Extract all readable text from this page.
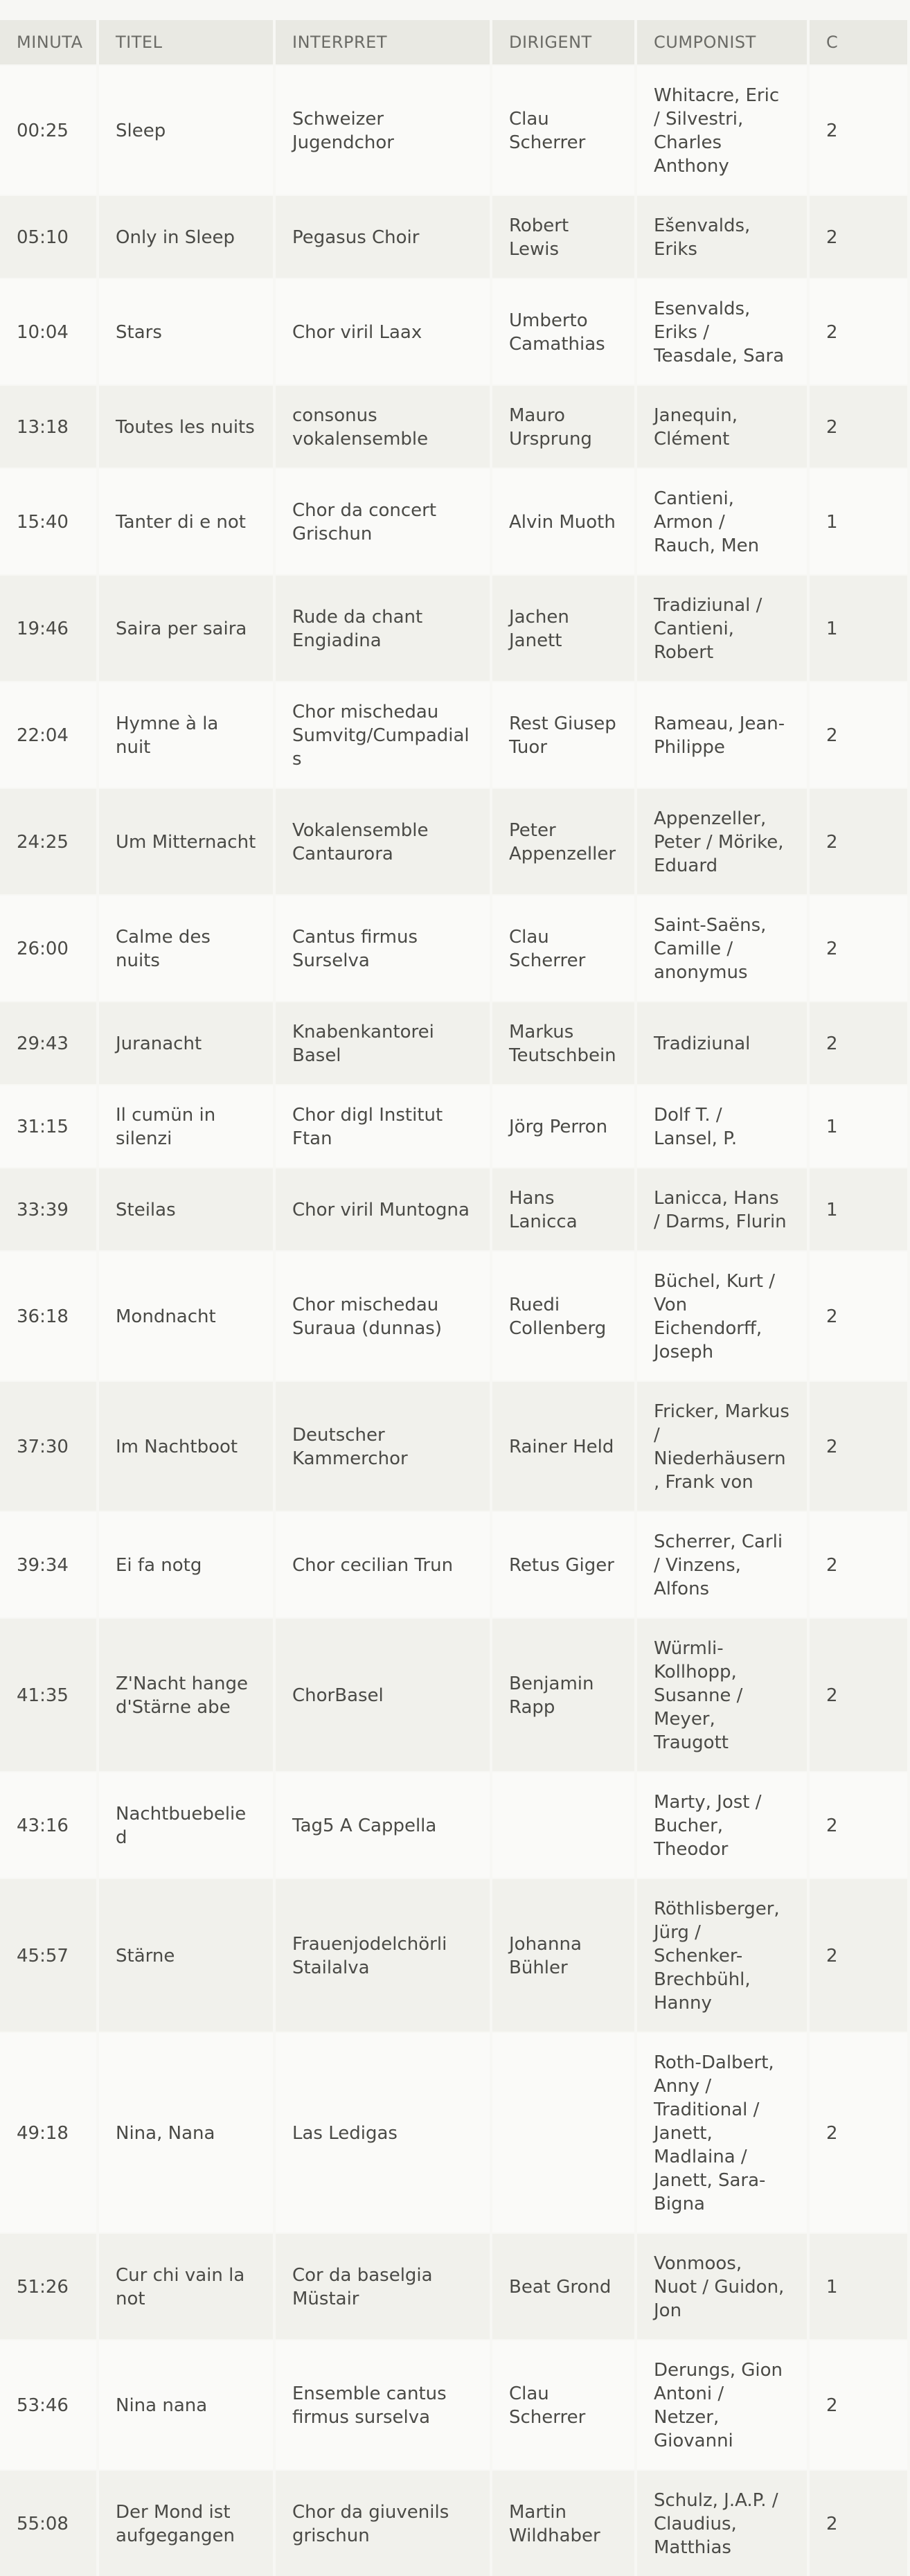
MINUTA	TITEL	INTERPRET	DIRIGENT	CUMPONIST	C
00:25	Sleep	Schweizer Jugendchor	Clau Scherrer	Whitacre, Eric / Silvestri, Charles Anthony	2
05:10	Only in Sleep	Pegasus Choir	Robert Lewis	Ešenvalds, Eriks	2
10:04	Stars	Chor viril Laax	Umberto Camathias	Esenvalds, Eriks / Teasdale, Sara	2
13:18	Toutes les nuits	consonus vokalensemble	Mauro Ursprung	Janequin, Clément	2
15:40	Tanter di e not	Chor da concert Grischun	Alvin Muoth	Cantieni, Armon / Rauch, Men	1
19:46	Saira per saira	Rude da chant Engiadina	Jachen Janett	Tradiziunal / Cantieni, Robert	1
22:04	Hymne à la nuit	Chor mischedau Sumvitg/Cumpadials	Rest Giusep Tuor	Rameau, Jean-Philippe	2
24:25	Um Mitternacht	Vokalensemble Cantaurora	Peter Appenzeller	Appenzeller, Peter / Mörike, Eduard	2
26:00	Calme des nuits	Cantus firmus Surselva	Clau Scherrer	Saint-Saëns, Camille / anonymus	2
29:43	Juranacht	Knabenkantorei Basel	Markus Teutschbein	Tradiziunal	2
31:15	Il cumün in silenzi	Chor digl Institut Ftan	Jörg Perron	Dolf T. / Lansel, P.	1
33:39	Steilas	Chor viril Muntogna	Hans Lanicca	Lanicca, Hans / Darms, Flurin	1
36:18	Mondnacht	Chor mischedau Suraua (dunnas)	Ruedi Collenberg	Büchel, Kurt / Von Eichendorff, Joseph	2
37:30	Im Nachtboot	Deutscher Kammerchor	Rainer Held	Fricker, Markus / Niederhäusern, Frank von	2
39:34	Ei fa notg	Chor cecilian Trun	Retus Giger	Scherrer, Carli / Vinzens, Alfons	2
41:35	Z'Nacht hange d'Stärne abe	ChorBasel	Benjamin Rapp	Würmli-Kollhopp, Susanne / Meyer, Traugott	2
43:16	Nachtbuebelied	Tag5 A Cappella		Marty, Jost / Bucher, Theodor	2
45:57	Stärne	Frauenjodelchörli Stailalva	Johanna Bühler	Röthlisberger, Jürg / Schenker-Brechbühl, Hanny	2
49:18	Nina, Nana	Las Ledigas		Roth-Dalbert, Anny / Traditional / Janett, Madlaina / Janett, Sara-Bigna	2
51:26	Cur chi vain la not	Cor da baselgia Müstair	Beat Grond	Vonmoos, Nuot / Guidon, Jon	1
53:46	Nina nana	Ensemble cantus firmus surselva	Clau Scherrer	Derungs, Gion Antoni / Netzer, Giovanni	2
55:08	Der Mond ist aufgegangen	Chor da giuvenils grischun	Martin Wildhaber	Schulz, J.A.P. / Claudius, Matthias	2
